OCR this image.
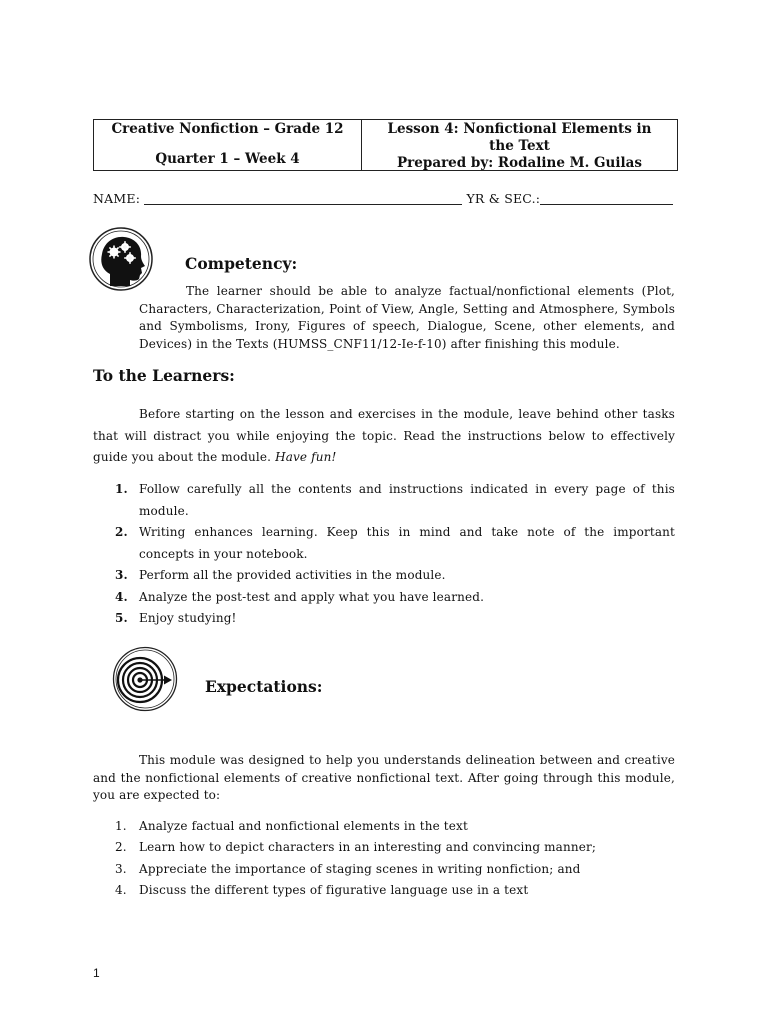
Creative Nonfiction – Grade 12
Quarter 1 – Week 4
Lesson 4: Nonfictional Elements in
the Text
Prepared by: Rodaline M. Guilas
NAME:	YR & SEC.:
Competency:
The learner should be able to analyze factual/nonfictional elements (Plot, Characters, Characterization, Point of View, Angle, Setting and Atmosphere, Symbols and Symbolisms, Irony, Figures of speech, Dialogue, Scene, other elements, and Devices) in the Texts (HUMSS_CNF11/12-Ie-f-10) after finishing this module.
To the Learners:
Before starting on the lesson and exercises in the module, leave behind other tasks that will distract you while enjoying the topic. Read the instructions below to effectively guide you about the module. Have fun!
1. Follow carefully all the contents and instructions indicated in every page of this module.
2. Writing enhances learning. Keep this in mind and take note of the important concepts in your notebook.
3. Perform all the provided activities in the module.
4. Analyze the post-test and apply what you have learned.
5. Enjoy studying!
Expectations:
This module was designed to help you understands delineation between and creative and the nonfictional elements of creative nonfictional text. After going through this module, you are expected to:
1. Analyze factual and nonfictional elements in the text
2. Learn how to depict characters in an interesting and convincing manner;
3. Appreciate the importance of staging scenes in writing nonfiction; and
4. Discuss the different types of figurative language use in a text
1
